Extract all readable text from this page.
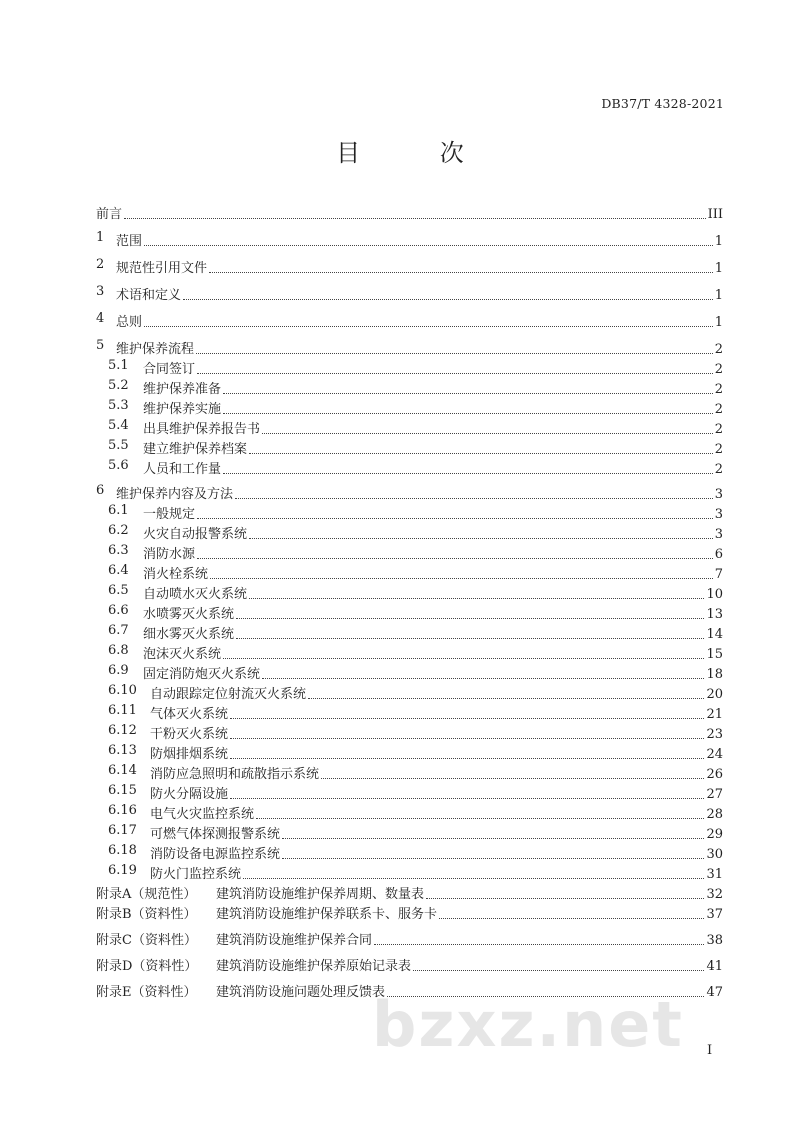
DB37/T 4328-2021
目 次
前言	III
1 范围	1
2 规范性引用文件	1
3 术语和定义	1
4 总则	1
5 维护保养流程	2
5.1	合同签订	2
5.2	维护保养准备	2
5.3	维护保养实施	2
5.4	出具维护保养报告书	2
5.5	建立维护保养档案	2
5.6	人员和工作量	2
6 维护保养内容及方法	3
6.1	一般规定	3
6.2	火灾自动报警系统	3
6.3	消防水源	6
6.4	消火栓系统	7
6.5	自动喷水灭火系统	10
6.6	水喷雾灭火系统	13
6.7	细水雾灭火系统	14
6.8	泡沫灭火系统	15
6.9	固定消防炮灭火系统	18
6.10	自动跟踪定位射流灭火系统	20
6.11	气体灭火系统	21
6.12	干粉灭火系统	23
6.13	防烟排烟系统	24
6.14	消防应急照明和疏散指示系统	26
6.15	防火分隔设施	27
6.16	电气火灾监控系统	28
6.17	可燃气体探测报警系统	29
6.18	消防设备电源监控系统	30
6.19	防火门监控系统	31
附录A（规范性）	建筑消防设施维护保养周期、数量表	32
附录B（资料性）	建筑消防设施维护保养联系卡、服务卡	37
附录C（资料性）	建筑消防设施维护保养合同	38
附录D（资料性）	建筑消防设施维护保养原始记录表	41
附录E（资料性）	建筑消防设施问题处理反馈表	47
I
bzxz.net
